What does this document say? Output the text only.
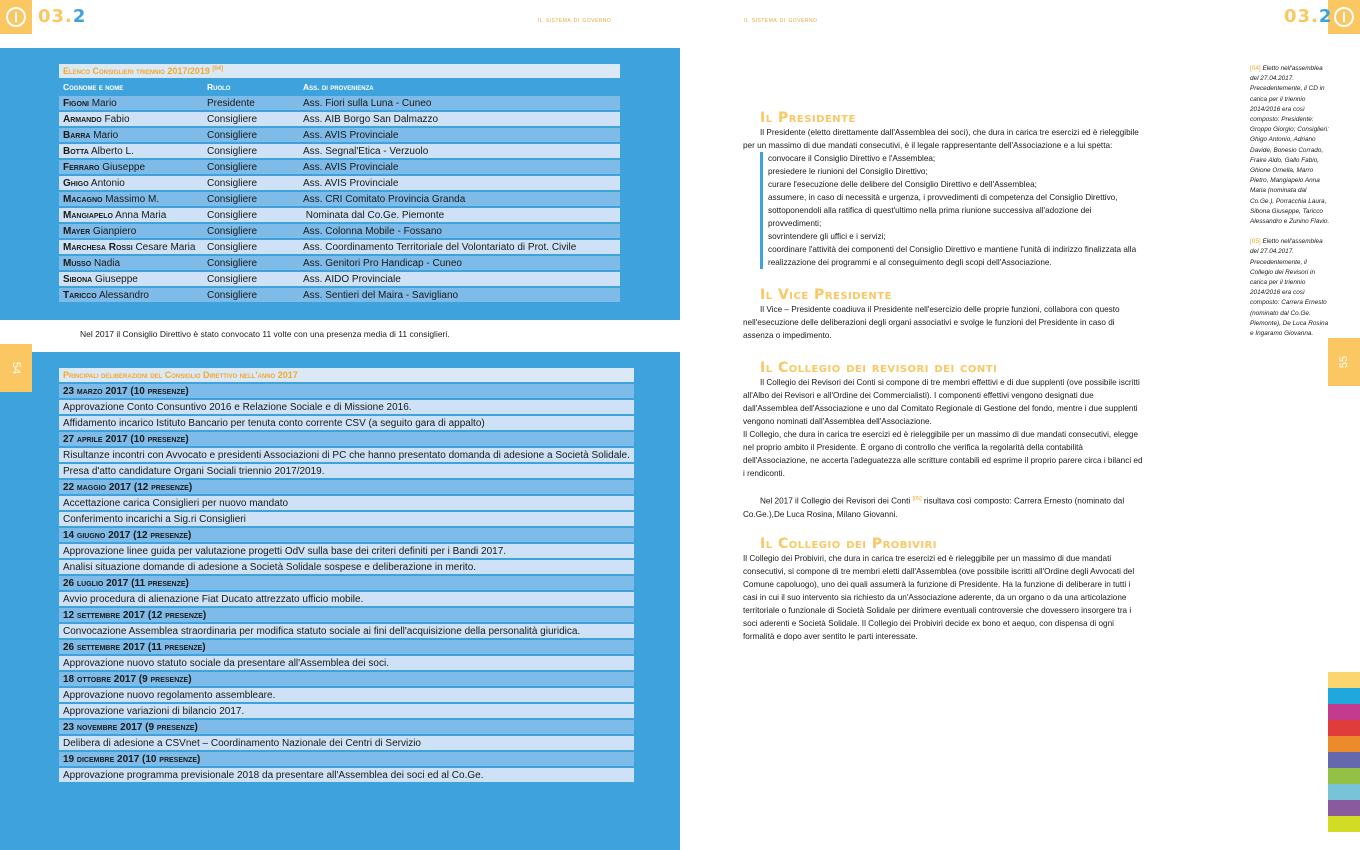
03.2	03.2
il sistema di governo	il sistema di governo
54	55
Elenco Consiglieri triennio 2017/2019 [04]
Cognome e nome	Ruolo	Ass. di provenienza
Figoni Mario	Presidente	Ass. Fiori sulla Luna - Cuneo
Armando Fabio	Consigliere	Ass. AIB Borgo San Dalmazzo
Barra Mario	Consigliere	Ass. AVIS Provinciale
Botta Alberto L.	Consigliere	Ass. Segnal'Etica - Verzuolo
Ferraro Giuseppe	Consigliere	Ass. AVIS Provinciale
Ghigo Antonio	Consigliere	Ass. AVIS Provinciale
Macagno Massimo M.	Consigliere	Ass. CRI Comitato Provincia Granda
Mangiapelo Anna Maria	Consigliere	Nominata dal Co.Ge. Piemonte
Mayer Gianpiero	Consigliere	Ass. Colonna Mobile - Fossano
Marchesa Rossi Cesare Maria	Consigliere	Ass. Coordinamento Territoriale del Volontariato di Prot. Civile
Musso Nadia	Consigliere	Ass. Genitori Pro Handicap - Cuneo
Sibona Giuseppe	Consigliere	Ass. AIDO Provinciale
Taricco Alessandro	Consigliere	Ass. Sentieri del Maira - Savigliano
Nel 2017 il Consiglio Direttivo è stato convocato 11 volte con una presenza media di 11 consiglieri.
Principali deliberazioni del Consiglio Direttivo nell'anno 2017
23 marzo 2017 (10 presenze)
Approvazione Conto Consuntivo 2016 e Relazione Sociale e di Missione 2016.
Affidamento incarico Istituto Bancario per tenuta conto corrente CSV (a seguito gara di appalto)
27 aprile 2017 (10 presenze)
Risultanze incontri con Avvocato e presidenti Associazioni di PC che hanno presentato domanda di adesione a Società Solidale.
Presa d'atto candidature Organi Sociali triennio 2017/2019.
22 maggio 2017 (12 presenze)
Accettazione carica Consiglieri per nuovo mandato
Conferimento incarichi a Sig.ri Consiglieri
14 giugno 2017 (12 presenze)
Approvazione linee guida per valutazione progetti OdV sulla base dei criteri definiti per i Bandi 2017.
Analisi situazione domande di adesione a Società Solidale sospese e deliberazione in merito.
26 luglio 2017 (11 presenze)
Avvio procedura di alienazione Fiat Ducato attrezzato ufficio mobile.
12 settembre 2017 (12 presenze)
Convocazione Assemblea straordinaria per modifica statuto sociale ai fini dell'acquisizione della personalità giuridica.
26 settembre 2017 (11 presenze)
Approvazione nuovo statuto sociale da presentare all'Assemblea dei soci.
18 ottobre 2017 (9 presenze)
Approvazione nuovo regolamento assembleare.
Approvazione variazioni di bilancio 2017.
23 novembre 2017 (9 presenze)
Delibera di adesione a CSVnet – Coordinamento Nazionale dei Centri di Servizio
19 dicembre 2017 (10 presenze)
Approvazione programma previsionale 2018 da presentare all'Assemblea dei soci ed al Co.Ge.
Il Presidente

Il Presidente (eletto direttamente dall'Assemblea dei soci), che dura in carica tre esercizi ed è rieleggibile per un massimo di due mandati consecutivi, è il legale rappresentante dell'Associazione e a lui spetta:

convocare il Consiglio Direttivo e l'Assemblea;
presiedere le riunioni del Consiglio Direttivo;
curare l'esecuzione delle delibere del Consiglio Direttivo e dell'Assemblea;
assumere, in caso di necessità e urgenza, i provvedimenti di competenza del Consiglio Direttivo, sottoponendoli alla ratifica di quest'ultimo nella prima riunione successiva all'adozione dei provvedimenti;
sovrintendere gli uffici e i servizi;
coordinare l'attività dei componenti del Consiglio Direttivo e mantiene l'unità di indirizzo finalizzata alla realizzazione dei programmi e al conseguimento degli scopi dell'Associazione.
Il Vice Presidente

Il Vice – Presidente coadiuva il Presidente nell'esercizio delle proprie funzioni, collabora con questo nell'esecuzione delle deliberazioni degli organi associativi e svolge le funzioni del Presidente in caso di assenza o impedimento.

Il Collegio dei revisori dei conti

Il Collegio dei Revisori dei Conti si compone di tre membri effettivi e di due supplenti (ove possibile iscritti all'Albo dei Revisori e all'Ordine dei Commercialisti). I componenti effettivi vengono designati due dall'Assemblea dell'Associazione e uno dal Comitato Regionale di Gestione del fondo, mentre i due supplenti vengono nominati dall'Assemblea dell'Associazione.

Il Collegio, che dura in carica tre esercizi ed è rieleggibile per un massimo di due mandati consecutivi, elegge nel proprio ambito il Presidente. È organo di controllo che verifica la regolarità della contabilità dell'Associazione, ne accerta l'adeguatezza alle scritture contabili ed esprime il proprio parere circa i bilanci ed i rendiconti.

Nel 2017 il Collegio dei Revisori dei Conti [05] risultava così composto: Carrera Ernesto (nominato dal Co.Ge.),De Luca Rosina, Milano Giovanni.

Il Collegio dei Probiviri

Il Collegio dei Probiviri, che dura in carica tre esercizi ed è rieleggibile per un massimo di due mandati consecutivi, si compone di tre membri eletti dall'Assemblea (ove possibile iscritti all'Ordine degli Avvocati del Comune capoluogo), uno dei quali assumerà la funzione di Presidente. Ha la funzione di deliberare in tutti i casi in cui il suo intervento sia richiesto da un'Associazione aderente, da un organo o da una articolazione territoriale o funzionale di Società Solidale per dirimere eventuali controversie che dovessero insorgere tra i soci aderenti e Società Solidale. Il Collegio dei Probiviri decide ex bono et aequo, con dispensa di ogni formalità e dopo aver sentito le parti interessate.

[04] Eletto nell'assemblea del 27.04.2017. Precedentemente, il CD in carica per il triennio 2014/2016 era così composto: Presidente: Groppo Giorgio; Consiglieri: Ghigo Antonio, Adriano Davide, Bonesio Corrado, Fraire Aldo, Gallo Fabio, Ghione Ornella, Marro Pietro, Mangiapelo Anna Maria (nominata dal Co.Ge.), Porracchia Laura, Sibona Giuseppe, Taricco Alessandro e Zunino Flavio.

[05] Eletto nell'assemblea del 27.04.2017. Precedentemente, il Collegio dei Revisori in carica per il triennio 2014/2016 era così composto: Carrera Ernesto (nominato dal Co.Ge. Piemonte), De Luca Rosina e Ingaramo Giovanna.
